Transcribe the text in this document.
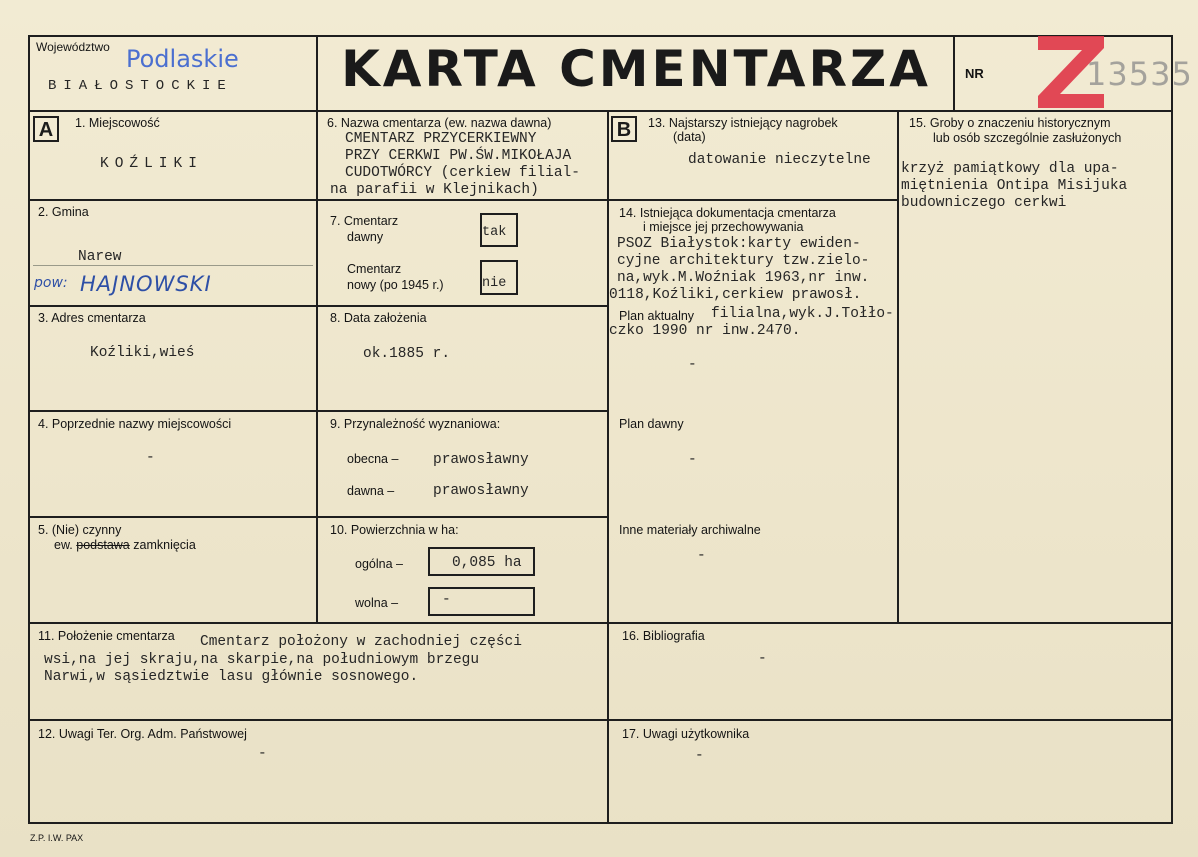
Województwo Podlaskie
BIAŁOSTOCKIE	KARTA CMENTARZA	NR	13535
A	B
1. Miejscowość
KOŹLIKI
2. Gmina
Narew
pow: HAJNOWSKI
3. Adres cmentarza
Koźliki,wieś
4. Poprzednie nazwy miejscowości
-
5. (Nie) czynny
ew. podstawa zamknięcia
6. Nazwa cmentarza (ew. nazwa dawna)
CMENTARZ PRZYCERKIEWNY
PRZY CERKWI PW.ŚW.MIKOŁAJA
CUDOTWÓRCY (cerkiew filial-
na parafii w Klejnikach)
7. Cmentarz
dawny	tak
Cmentarz
nowy (po 1945 r.)	nie
8. Data założenia
ok.1885 r.
9. Przynależność wyznaniowa:
obecna – prawosławny
dawna –	prawosławny
10. Powierzchnia w ha:
ogólna –	0,085 ha
wolna –	-
11. Położenie cmentarza Cmentarz położony w zachodniej części
wsi,na jej skraju,na skarpie,na południowym brzegu
Narwi,w sąsiedztwie lasu głównie sosnowego.
12. Uwagi Ter. Org. Adm. Państwowej
-
13. Najstarszy istniejący nagrobek
(data)
datowanie nieczytelne
14. Istniejąca dokumentacja cmentarza
i miejsce jej przechowywania
PSOZ Białystok:karty ewiden-
cyjne architektury tzw.zielo-
na,wyk.M.Woźniak 1963,nr inw.
0118,Koźliki,cerkiew prawosł.
Plan aktualny filialna,wyk.J.Tołło-
czko 1990 nr inw.2470.
-
Plan dawny
-
Inne materiały archiwalne
-
15. Groby o znaczeniu historycznym
lub osób szczególnie zasłużonych
krzyż pamiątkowy dla upa-
miętnienia Ontipa Misijuka
budowniczego cerkwi
16. Bibliografia
-
17. Uwagi użytkownika
-
Z.P. I.W. PAX
